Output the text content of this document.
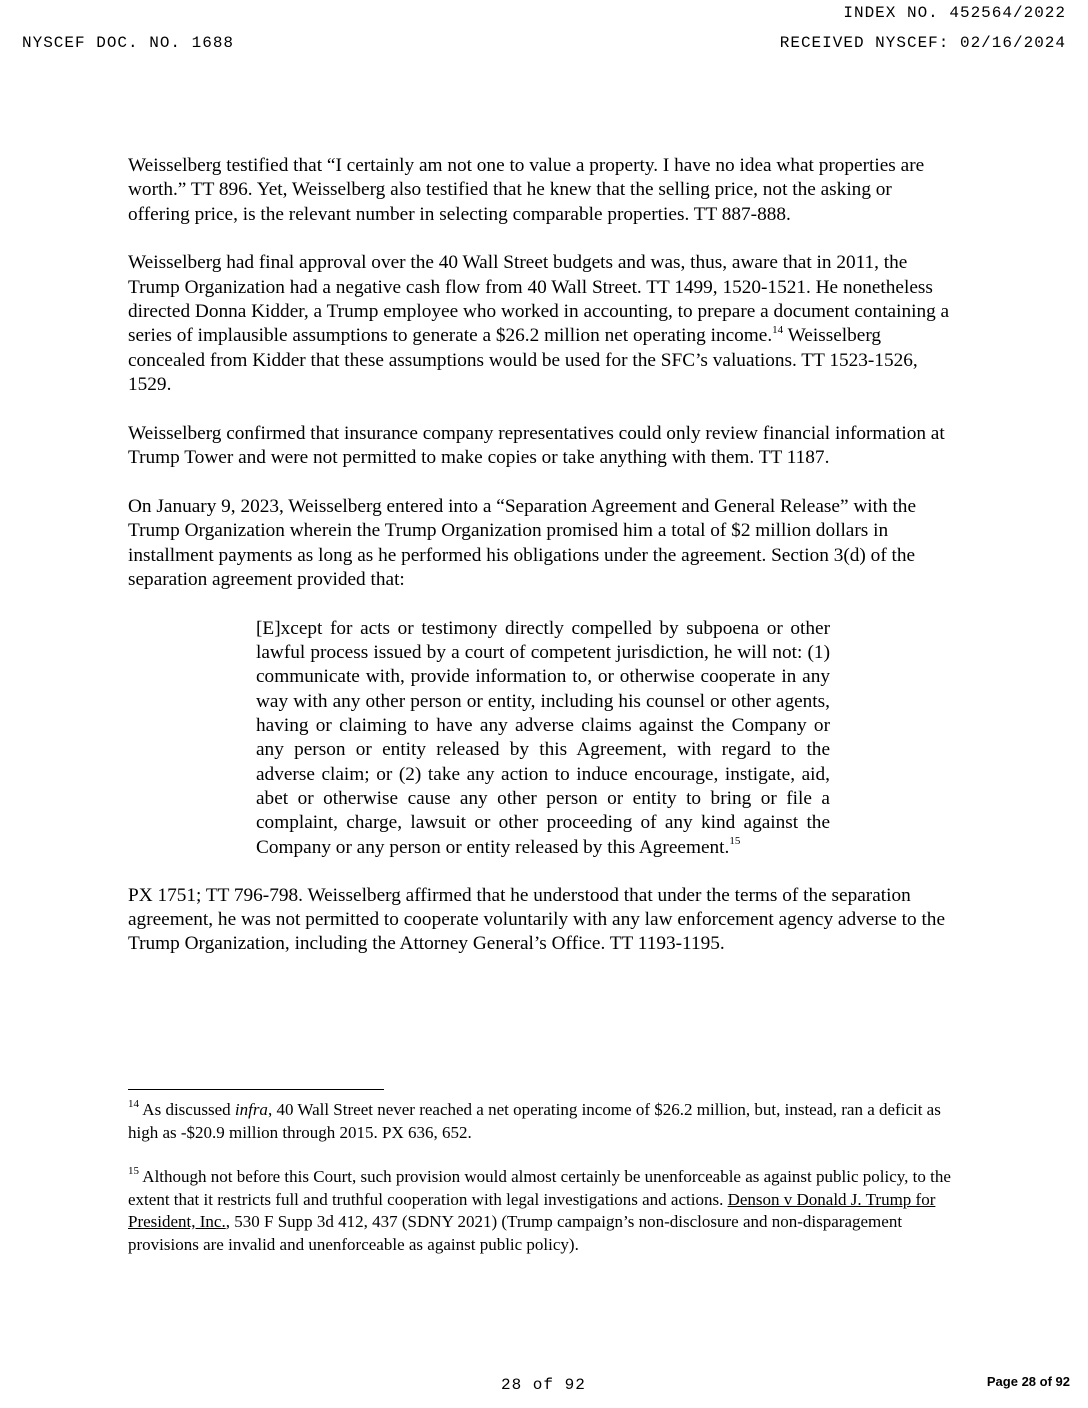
INDEX NO. 452564/2022
NYSCEF DOC. NO. 1688	RECEIVED NYSCEF: 02/16/2024

Weisselberg testified that “I certainly am not one to value a property. I have no idea what properties are worth.” TT 896. Yet, Weisselberg also testified that he knew that the selling price, not the asking or offering price, is the relevant number in selecting comparable properties. TT 887-888.

Weisselberg had final approval over the 40 Wall Street budgets and was, thus, aware that in 2011, the Trump Organization had a negative cash flow from 40 Wall Street. TT 1499, 1520-1521. He nonetheless directed Donna Kidder, a Trump employee who worked in accounting, to prepare a document containing a series of implausible assumptions to generate a $26.2 million net operating income.$^{14}$ Weisselberg concealed from Kidder that these assumptions would be used for the SFC’s valuations. TT 1523-1526, 1529.

Weisselberg confirmed that insurance company representatives could only review financial information at Trump Tower and were not permitted to make copies or take anything with them. TT 1187.

On January 9, 2023, Weisselberg entered into a “Separation Agreement and General Release” with the Trump Organization wherein the Trump Organization promised him a total of $2 million dollars in installment payments as long as he performed his obligations under the agreement. Section 3(d) of the separation agreement provided that:

[E]xcept for acts or testimony directly compelled by subpoena or other lawful process issued by a court of competent jurisdiction, he will not: (1) communicate with, provide information to, or otherwise cooperate in any way with any other person or entity, including his counsel or other agents, having or claiming to have any adverse claims against the Company or any person or entity released by this Agreement, with regard to the adverse claim; or (2) take any action to induce encourage, instigate, aid, abet or otherwise cause any other person or entity to bring or file a complaint, charge, lawsuit or other proceeding of any kind against the Company or any person or entity released by this Agreement.$^{15}$

PX 1751; TT 796-798. Weisselberg affirmed that he understood that under the terms of the separation agreement, he was not permitted to cooperate voluntarily with any law enforcement agency adverse to the Trump Organization, including the Attorney General’s Office. TT 1193-1195.

$^{14}$ As discussed infra, 40 Wall Street never reached a net operating income of $26.2 million, but, instead, ran a deficit as high as -$20.9 million through 2015. PX 636, 652.

$^{15}$ Although not before this Court, such provision would almost certainly be unenforceable as against public policy, to the extent that it restricts full and truthful cooperation with legal investigations and actions. Denson v Donald J. Trump for President, Inc., 530 F Supp 3d 412, 437 (SDNY 2021) (Trump campaign’s non-disclosure and non-disparagement provisions are invalid and unenforceable as against public policy).

28 of 92	Page 28 of 92
